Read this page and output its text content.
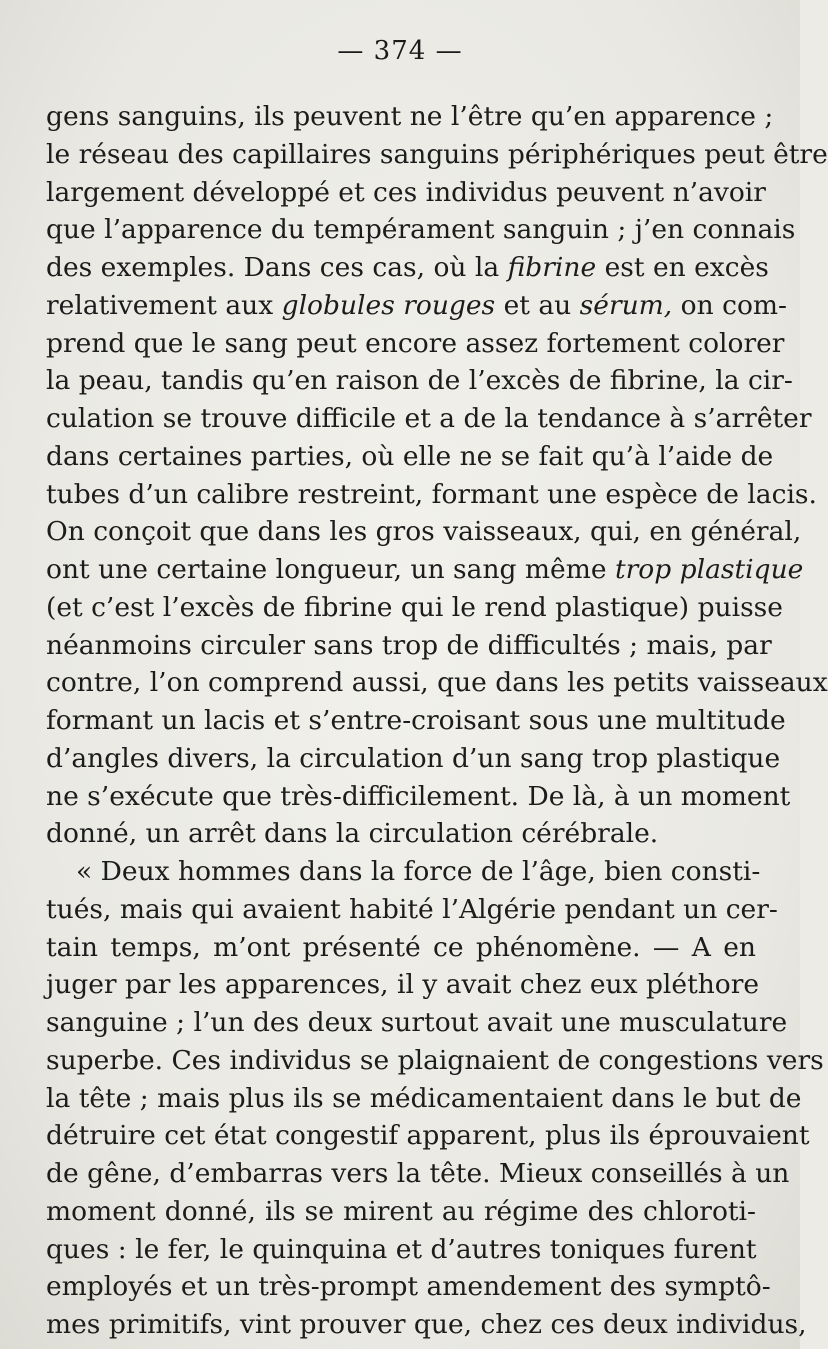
— 374 —
gens sanguins, ils peuvent ne l’être qu’en apparence ;
le réseau des capillaires sanguins périphériques peut être
largement développé et ces individus peuvent n’avoir
que l’apparence du tempérament sanguin ; j’en connais
des exemples. Dans ces cas, où la fibrine est en excès
relativement aux globules rouges et au sérum, on com-
prend que le sang peut encore assez fortement colorer
la peau, tandis qu’en raison de l’excès de fibrine, la cir-
culation se trouve difficile et a de la tendance à s’arrêter
dans certaines parties, où elle ne se fait qu’à l’aide de
tubes d’un calibre restreint, formant une espèce de lacis.
On conçoit que dans les gros vaisseaux, qui, en général,
ont une certaine longueur, un sang même trop plastique
(et c’est l’excès de fibrine qui le rend plastique) puisse
néanmoins circuler sans trop de difficultés ; mais, par
contre, l’on comprend aussi, que dans les petits vaisseaux
formant un lacis et s’entre-croisant sous une multitude
d’angles divers, la circulation d’un sang trop plastique
ne s’exécute que très-difficilement. De là, à un moment
donné, un arrêt dans la circulation cérébrale.
« Deux hommes dans la force de l’âge, bien consti-
tués, mais qui avaient habité l’Algérie pendant un cer-
tain temps, m’ont présenté ce phénomène. — A en
juger par les apparences, il y avait chez eux pléthore
sanguine ; l’un des deux surtout avait une musculature
superbe. Ces individus se plaignaient de congestions vers
la tête ; mais plus ils se médicamentaient dans le but de
détruire cet état congestif apparent, plus ils éprouvaient
de gêne, d’embarras vers la tête. Mieux conseillés à un
moment donné, ils se mirent au régime des chloroti-
ques : le fer, le quinquina et d’autres toniques furent
employés et un très-prompt amendement des symptô-
mes primitifs, vint prouver que, chez ces deux individus,
